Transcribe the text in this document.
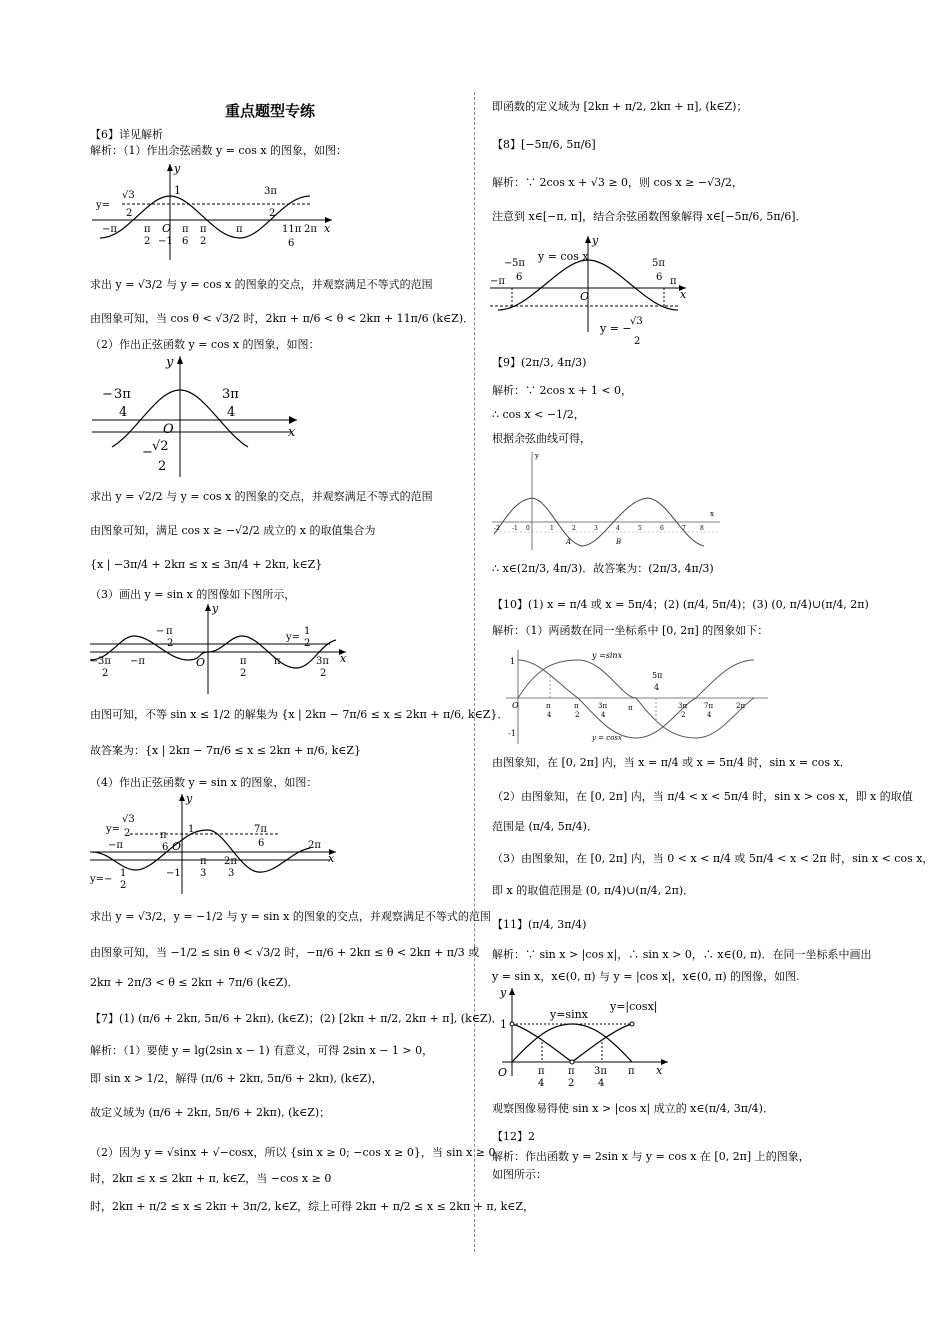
重点题型专练
【6】详见解析
解析：（1）作出余弦函数 y = cos x 的图象，如图：
求出 y = √3/2 与 y = cos x 的图象的交点，并观察满足不等式的范围
由图象可知，当 cos θ < √3/2 时，2kπ + π/6 < θ < 2kπ + 11π/6 (k∈Z)．
（2）作出正弦函数 y = cos x 的图象，如图：
求出 y = √2/2 与 y = cos x 的图象的交点，并观察满足不等式的范围
由图象可知，满足 cos x ≥ −√2/2 成立的 x 的取值集合为
{x | −3π/4 + 2kπ ≤ x ≤ 3π/4 + 2kπ, k∈Z}
（3）画出 y = sin x 的图像如下图所示，
由图可知，不等 sin x ≤ 1/2 的解集为 {x | 2kπ − 7π/6 ≤ x ≤ 2kπ + π/6, k∈Z}．
故答案为：{x | 2kπ − 7π/6 ≤ x ≤ 2kπ + π/6, k∈Z}
（4）作出正弦函数 y = sin x 的图象，如图：
求出 y = √3/2，y = −1/2 与 y = sin x 的图象的交点，并观察满足不等式的范围
由图象可知，当 −1/2 ≤ sin θ < √3/2 时，−π/6 + 2kπ ≤ θ < 2kπ + π/3 或
2kπ + 2π/3 < θ ≤ 2kπ + 7π/6 (k∈Z)．
【7】(1) (π/6 + 2kπ, 5π/6 + 2kπ), (k∈Z)；(2) [2kπ + π/2, 2kπ + π], (k∈Z)．
解析：（1）要使 y = lg(2sin x − 1) 有意义，可得 2sin x − 1 > 0，
即 sin x > 1/2，解得 (π/6 + 2kπ, 5π/6 + 2kπ), (k∈Z)，
故定义域为 (π/6 + 2kπ, 5π/6 + 2kπ), (k∈Z)；
（2）因为 y = √sinx + √−cosx，所以 {sin x ≥ 0; −cos x ≥ 0}，当 sin x ≥ 0
时，2kπ ≤ x ≤ 2kπ + π, k∈Z，当 −cos x ≥ 0
时，2kπ + π/2 ≤ x ≤ 2kπ + 3π/2, k∈Z，综上可得 2kπ + π/2 ≤ x ≤ 2kπ + π, k∈Z，
即函数的定义域为 [2kπ + π/2, 2kπ + π], (k∈Z)；
【8】[−5π/6, 5π/6]
解析：∵ 2cos x + √3 ≥ 0，则 cos x ≥ −√3/2，
注意到 x∈[−π, π]，结合余弦函数图象解得 x∈[−5π/6, 5π/6]．
【9】(2π/3, 4π/3)
解析：∵ 2cos x + 1 < 0，
∴ cos x < −1/2，
根据余弦曲线可得，
∴ x∈(2π/3, 4π/3)．故答案为：(2π/3, 4π/3)
【10】(1) x = π/4 或 x = 5π/4；(2) (π/4, 5π/4)；(3) (0, π/4)∪(π/4, 2π)
解析：（1）两函数在同一坐标系中 [0, 2π] 的图象如下：
由图象知，在 [0, 2π] 内，当 x = π/4 或 x = 5π/4 时，sin x = cos x．
（2）由图象知，在 [0, 2π] 内，当 π/4 < x < 5π/4 时，sin x > cos x，即 x 的取值
范围是 (π/4, 5π/4)．
（3）由图象知，在 [0, 2π] 内，当 0 < x < π/4 或 5π/4 < x < 2π 时，sin x < cos x，
即 x 的取值范围是 (0, π/4)∪(π/4, 2π)．
【11】(π/4, 3π/4)
解析：∵ sin x > |cos x|，∴ sin x > 0，∴ x∈(0, π)．在同一坐标系中画出
y = sin x，x∈(0, π) 与 y = |cos x|，x∈(0, π) 的图像，如图.
观察图像易得使 sin x > |cos x| 成立的 x∈(π/4, 3π/4)．
【12】2
解析：作出函数 y = 2sin x 与 y = cos x 在 [0, 2π] 上的图象，
如图所示：
y
1	3π
2
y=
√3
2
−π	π
2
O
−1
π
6
π
2
π	11π
6
2π x
y
− 3π
4
3π
4
O
− √2
2
x
y
− π
2
y=
1
2
− 3π
2
−π	O	π
2
π	3π
2
x
y
y=
√3
2	1	7π
6
−π
π
6 O
π
3
2π
3
2π
x
y=−
1
2
−1
y
y = cos x
− 5π
6
5π
6
−π
O
π
x
y = −
√3
2
y
x
A	B
-2 -1 0	1	2	3	4	5	6	7 8
1
y =sinx
5π
4
O	π
4
π
2
3π
4
π	3π
2
7π
4
2π
-1	y = cosx
y
1
y=sinx
y=|cosx|
O	π
4
π
2
3π
4
π x
